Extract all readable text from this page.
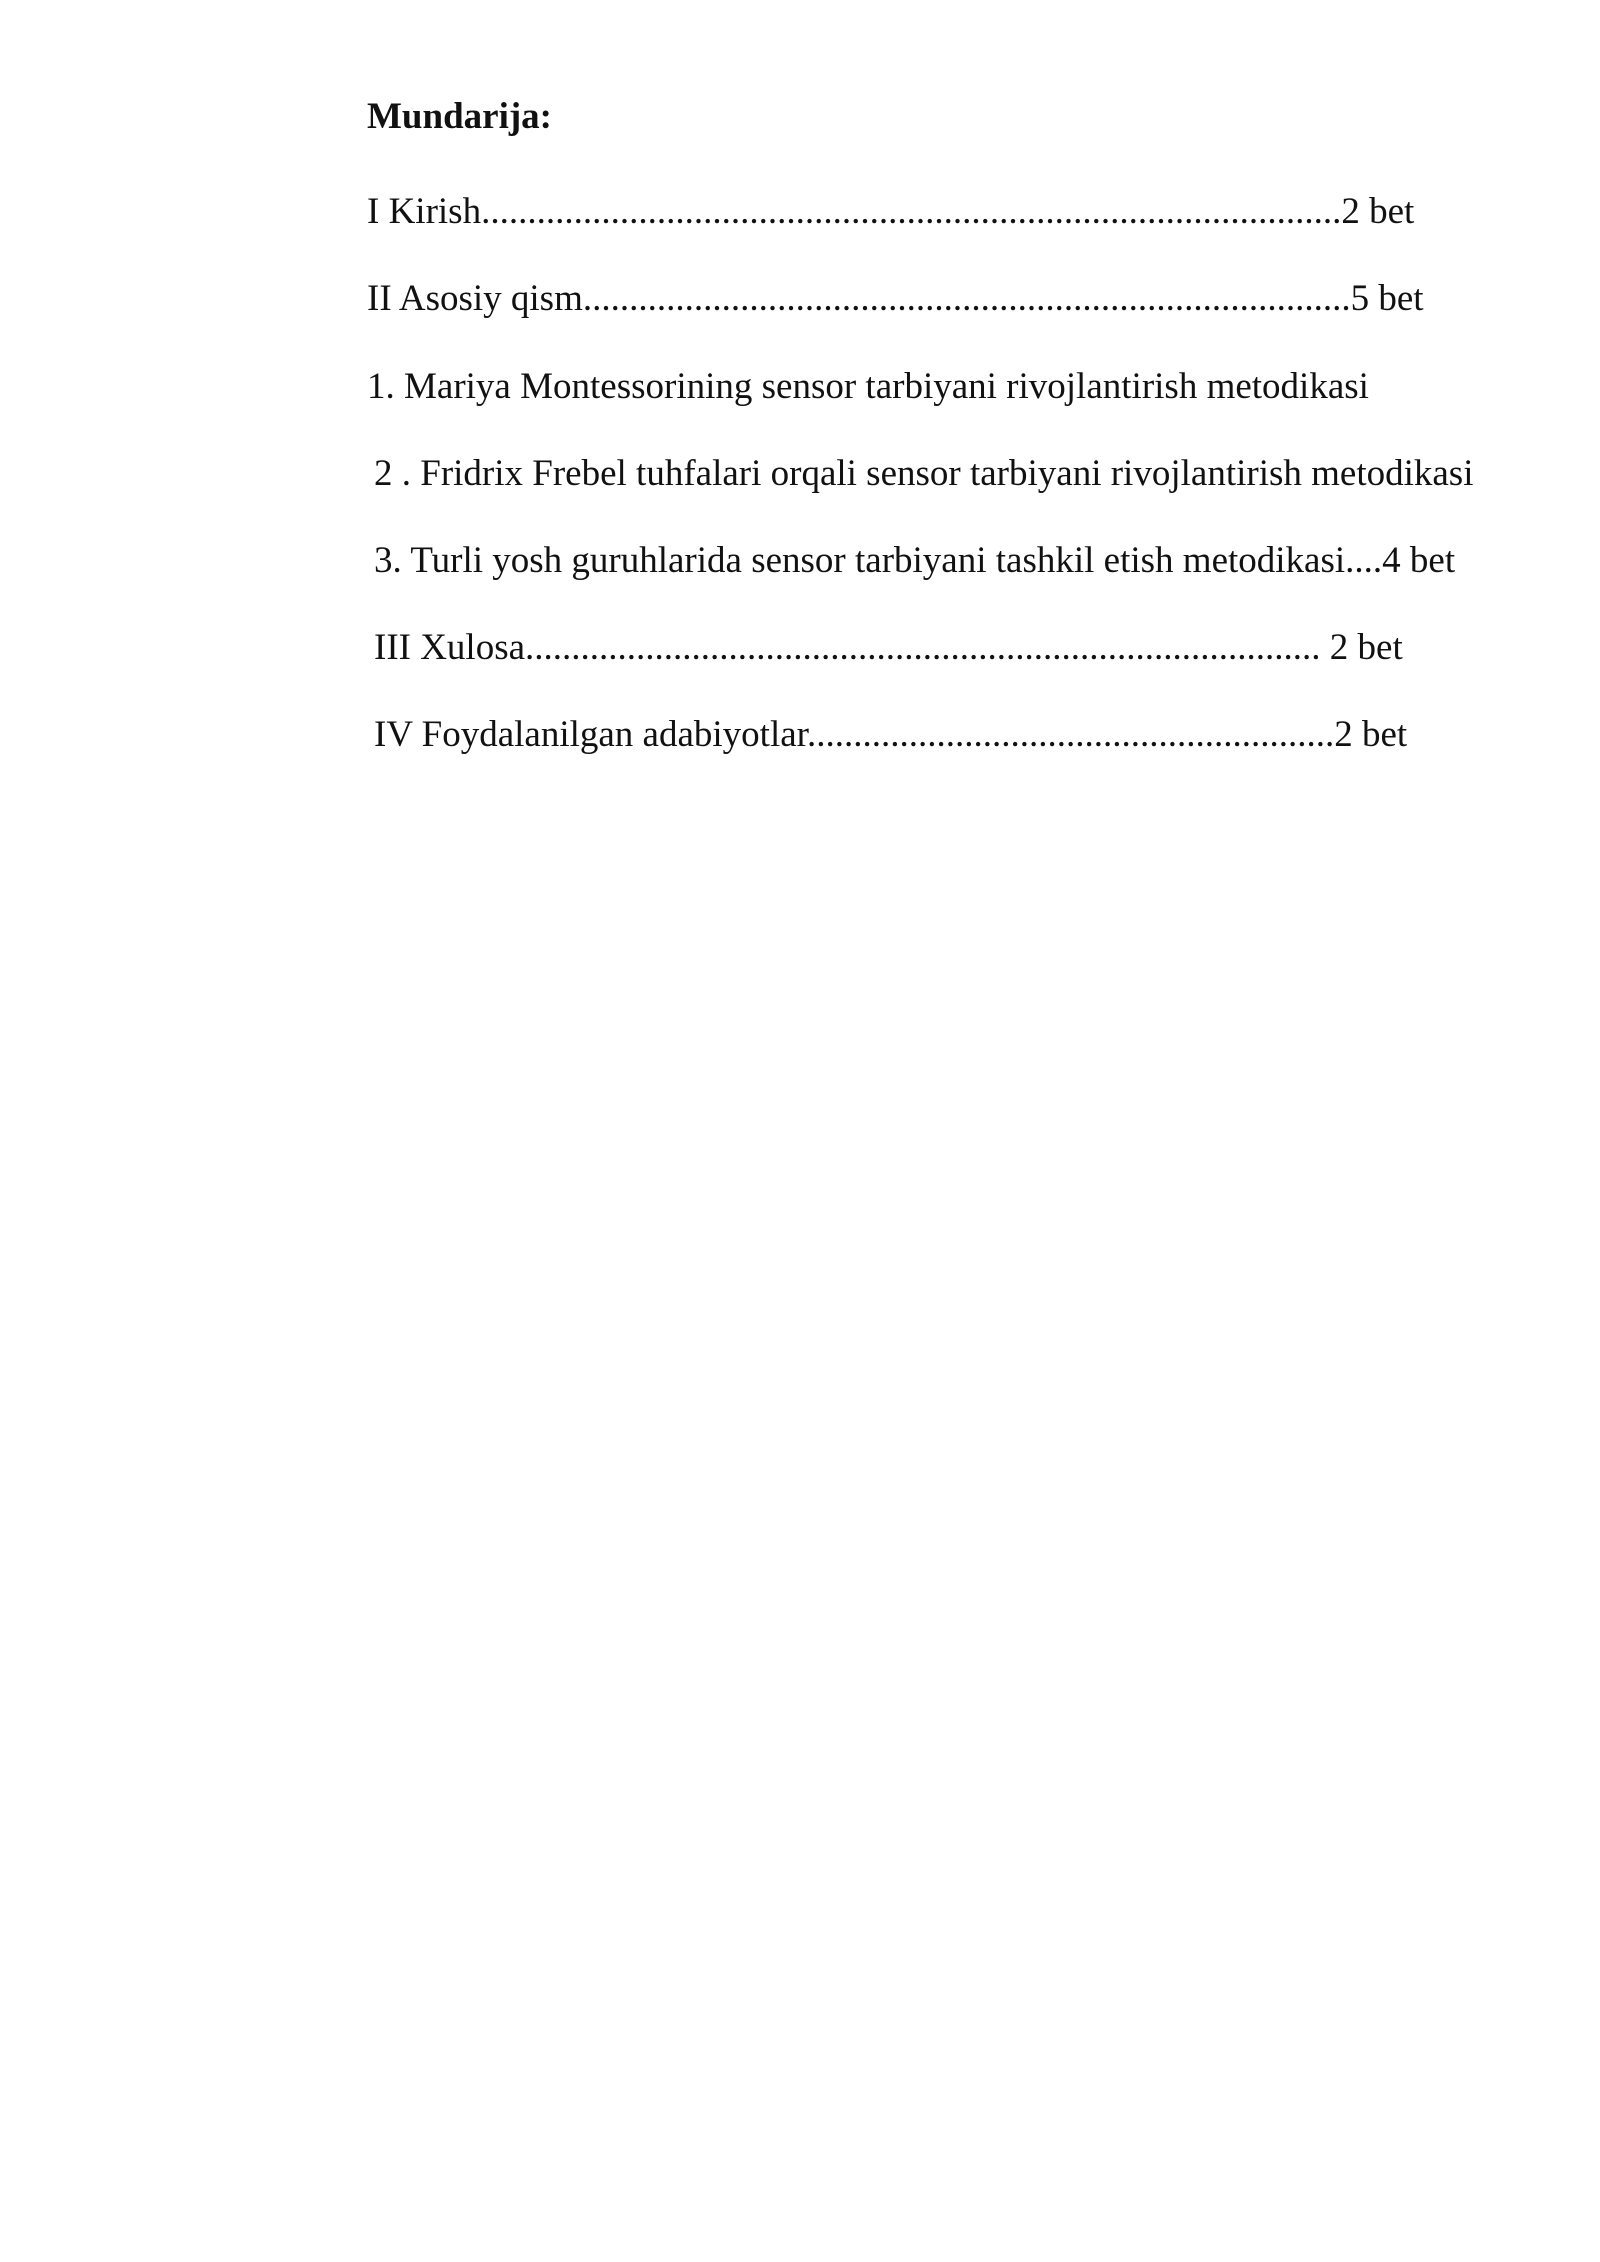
Mundarija:
I Kirish.............................................................................................2 bet
II Asosiy qism...................................................................................5 bet
1. Mariya Montessorining sensor tarbiyani rivojlantirish metodikasi
2 . Fridrix Frebel tuhfalari orqali sensor tarbiyani rivojlantirish metodikasi
3. Turli yosh guruhlarida sensor tarbiyani tashkil etish metodikasi....4 bet
III Xulosa...................................................................................... 2 bet
IV Foydalanilgan adabiyotlar.........................................................2 bet
